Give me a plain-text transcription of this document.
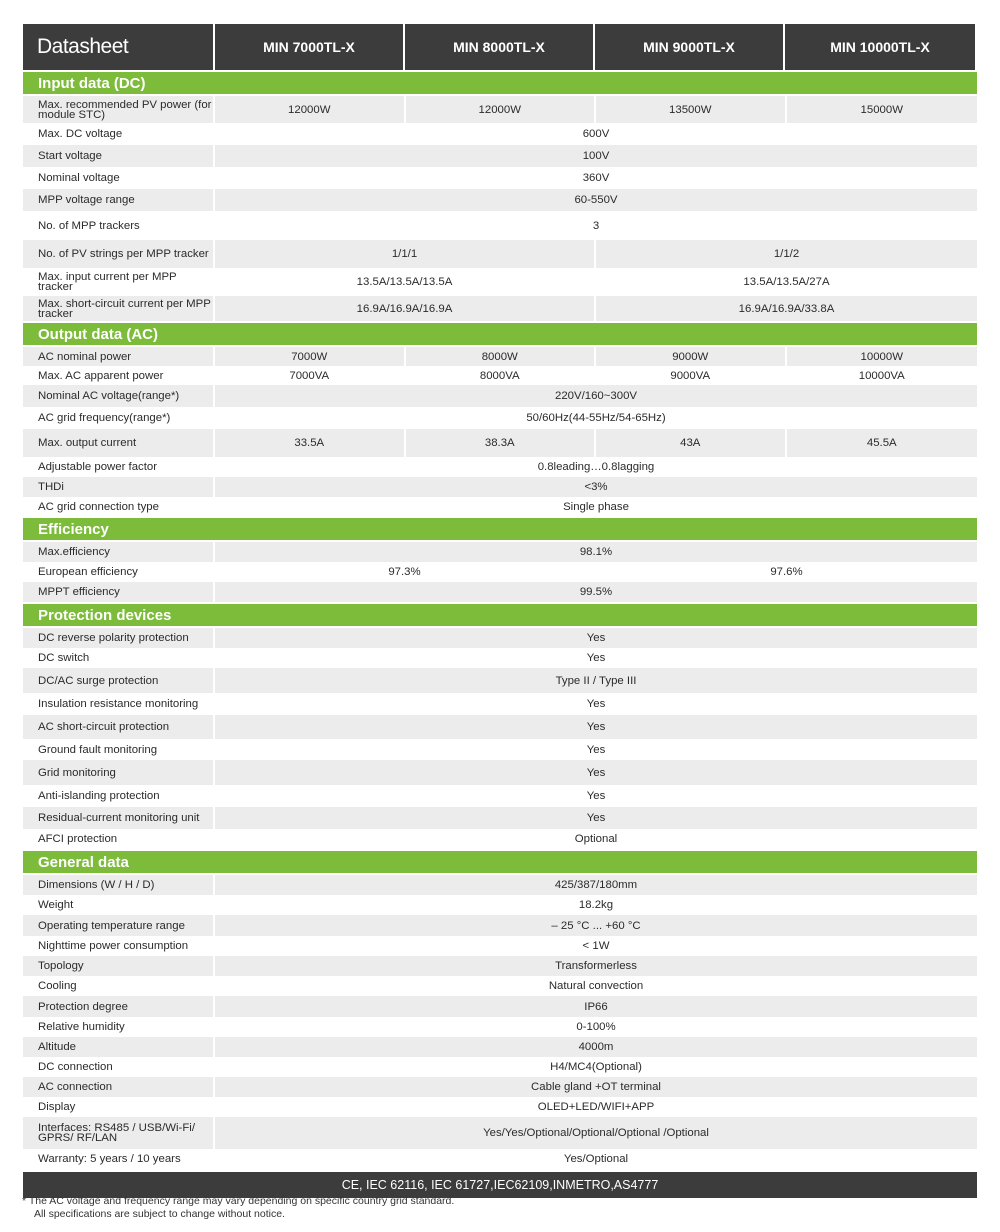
Datasheet	MIN 7000TL-X	MIN 8000TL-X	MIN 9000TL-X	MIN 10000TL-X
Input data (DC)
Max. recommended PV power (for module STC)	12000W	12000W	13500W	15000W
Max. DC voltage	600V
Start voltage	100V
Nominal voltage	360V
MPP voltage range	60-550V
No. of MPP trackers	3
No. of PV strings per MPP tracker	1/1/1	1/1/2
Max. input current per MPP tracker	13.5A/13.5A/13.5A	13.5A/13.5A/27A
Max. short-circuit current per MPP tracker	16.9A/16.9A/16.9A	16.9A/16.9A/33.8A
Output data (AC)
AC nominal power	7000W	8000W	9000W	10000W
Max. AC apparent power	7000VA	8000VA	9000VA	10000VA
Nominal AC voltage(range*)	220V/160~300V
AC grid frequency(range*)	50/60Hz(44-55Hz/54-65Hz)
Max. output current	33.5A	38.3A	43A	45.5A
Adjustable power factor	0.8leading…0.8lagging
THDi	<3%
AC grid connection type	Single phase
Efficiency
Max.efficiency	98.1%
European efficiency	97.3%	97.6%
MPPT efficiency	99.5%
Protection devices
DC reverse polarity protection	Yes
DC switch	Yes
DC/AC surge protection	Type II / Type III
Insulation resistance monitoring	Yes
AC short-circuit protection	Yes
Ground fault monitoring	Yes
Grid monitoring	Yes
Anti-islanding protection	Yes
Residual-current monitoring unit	Yes
AFCI protection	Optional
General data
Dimensions (W / H / D)	425/387/180mm
Weight	18.2kg
Operating temperature range	– 25 °C ... +60 °C
Nighttime power consumption	< 1W
Topology	Transformerless
Cooling	Natural convection
Protection degree	IP66
Relative humidity	0-100%
Altitude	4000m
DC connection	H4/MC4(Optional)
AC connection	Cable gland +OT terminal
Display	OLED+LED/WIFI+APP
Interfaces: RS485 / USB/Wi-Fi/ GPRS/ RF/LAN	Yes/Yes/Optional/Optional/Optional /Optional
Warranty: 5 years / 10 years	Yes/Optional
CE, IEC 62116, IEC 61727,IEC62109,INMETRO,AS4777
* The AC voltage and frequency range may vary depending on specific country grid standard.
All specifications are subject to change without notice.
